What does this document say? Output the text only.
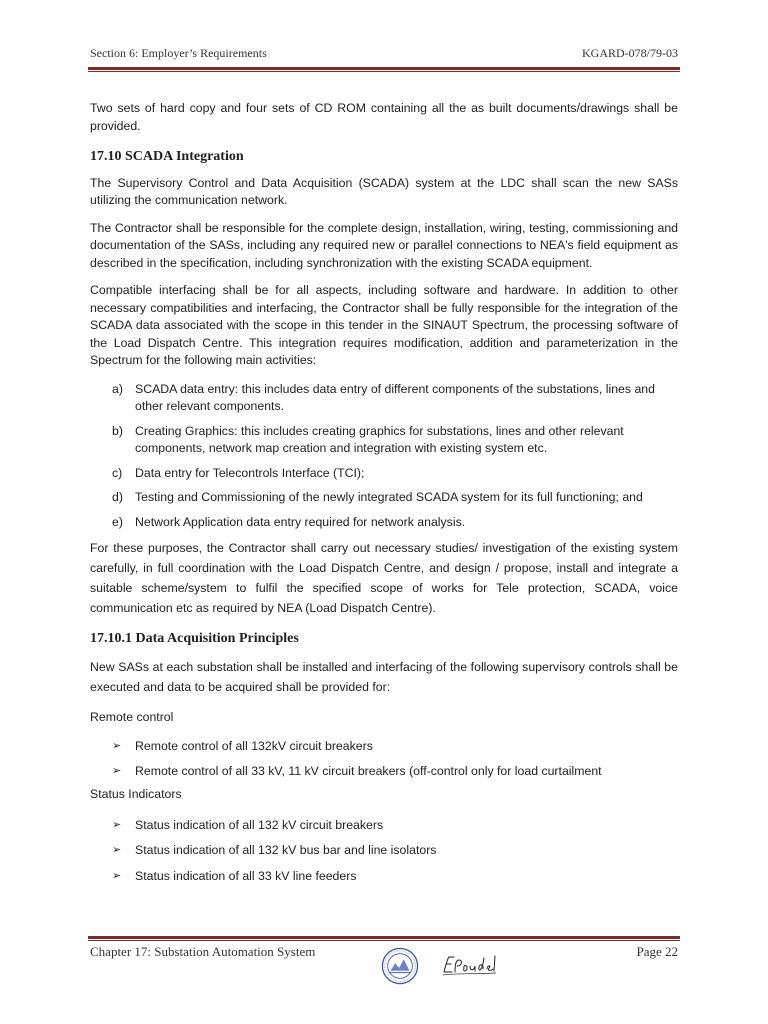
Section 6: Employer’s Requirements	KGARD-078/79-03

Two sets of hard copy and four sets of CD ROM containing all the as built documents/drawings shall be provided.

17.10 SCADA Integration

The Supervisory Control and Data Acquisition (SCADA) system at the LDC shall scan the new SASs utilizing the communication network.

The Contractor shall be responsible for the complete design, installation, wiring, testing, commissioning and documentation of the SASs, including any required new or parallel connections to NEA's field equipment as described in the specification, including synchronization with the existing SCADA equipment.

Compatible interfacing shall be for all aspects, including software and hardware. In addition to other necessary compatibilities and interfacing, the Contractor shall be fully responsible for the integration of the SCADA data associated with the scope in this tender in the SINAUT Spectrum, the processing software of the Load Dispatch Centre. This integration requires modification, addition and parameterization in the Spectrum for the following main activities:

a) SCADA data entry: this includes data entry of different components of the substations, lines and other relevant components.
b) Creating Graphics: this includes creating graphics for substations, lines and other relevant components, network map creation and integration with existing system etc.
c) Data entry for Telecontrols Interface (TCI);
d) Testing and Commissioning of the newly integrated SCADA system for its full functioning; and
e) Network Application data entry required for network analysis.

For these purposes, the Contractor shall carry out necessary studies/ investigation of the existing system carefully, in full coordination with the Load Dispatch Centre, and design / propose, install and integrate a suitable scheme/system to fulfil the specified scope of works for Tele protection, SCADA, voice communication etc as required by NEA (Load Dispatch Centre).

17.10.1 Data Acquisition Principles

New SASs at each substation shall be installed and interfacing of the following supervisory controls shall be executed and data to be acquired shall be provided for:

Remote control
➢ Remote control of all 132kV circuit breakers
➢ Remote control of all 33 kV, 11 kV circuit breakers (off-control only for load curtailment
Status Indicators
➢ Status indication of all 132 kV circuit breakers
➢ Status indication of all 132 kV bus bar and line isolators
➢ Status indication of all 33 kV line feeders
Chapter 17: Substation Automation System	Page 22
